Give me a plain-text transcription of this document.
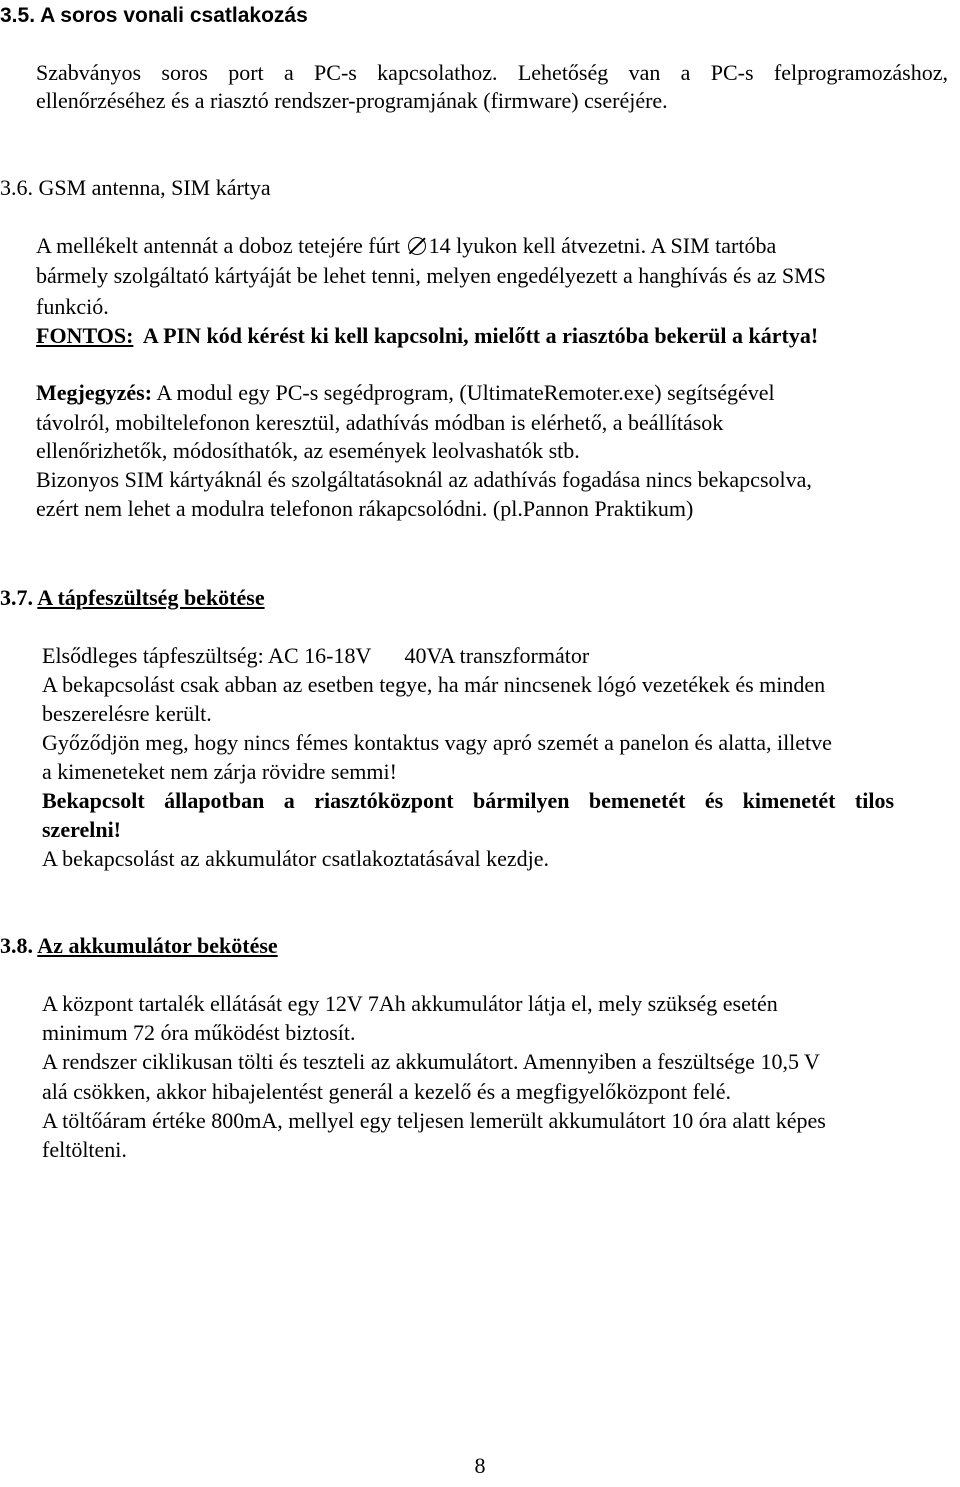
3.5. A soros vonali csatlakozás
Szabványos soros port a PC-s kapcsolathoz. Lehetőség van a PC-s felprogramozáshoz,
ellenőrzéséhez és a riasztó rendszer-programjának (firmware) cseréjére.
3.6. GSM antenna, SIM kártya
A mellékelt antennát a doboz tetejére fúrt 14 lyukon kell átvezetni. A SIM tartóba
bármely szolgáltató kártyáját be lehet tenni, melyen engedélyezett a hanghívás és az SMS
funkció.
FONTOS: A PIN kód kérést ki kell kapcsolni, mielőtt a riasztóba bekerül a kártya!
Megjegyzés: A modul egy PC-s segédprogram, (UltimateRemoter.exe) segítségével
távolról, mobiltelefonon keresztül, adathívás módban is elérhető, a beállítások
ellenőrizhetők, módosíthatók, az események leolvashatók stb.
Bizonyos SIM kártyáknál és szolgáltatásoknál az adathívás fogadása nincs bekapcsolva,
ezért nem lehet a modulra telefonon rákapcsolódni. (pl.Pannon Praktikum)
3.7. A tápfeszültség bekötése
Elsődleges tápfeszültség: AC 16-18V 40VA transzformátor
A bekapcsolást csak abban az esetben tegye, ha már nincsenek lógó vezetékek és minden
beszerelésre került.
Győződjön meg, hogy nincs fémes kontaktus vagy apró szemét a panelon és alatta, illetve
a kimeneteket nem zárja rövidre semmi!
Bekapcsolt állapotban a riasztóközpont bármilyen bemenetét és kimenetét tilos
szerelni!
A bekapcsolást az akkumulátor csatlakoztatásával kezdje.
3.8. Az akkumulátor bekötése
A központ tartalék ellátását egy 12V 7Ah akkumulátor látja el, mely szükség esetén
minimum 72 óra működést biztosít.
A rendszer ciklikusan tölti és teszteli az akkumulátort. Amennyiben a feszültsége 10,5 V
alá csökken, akkor hibajelentést generál a kezelő és a megfigyelőközpont felé.
A töltőáram értéke 800mA, mellyel egy teljesen lemerült akkumulátort 10 óra alatt képes
feltölteni.
8
